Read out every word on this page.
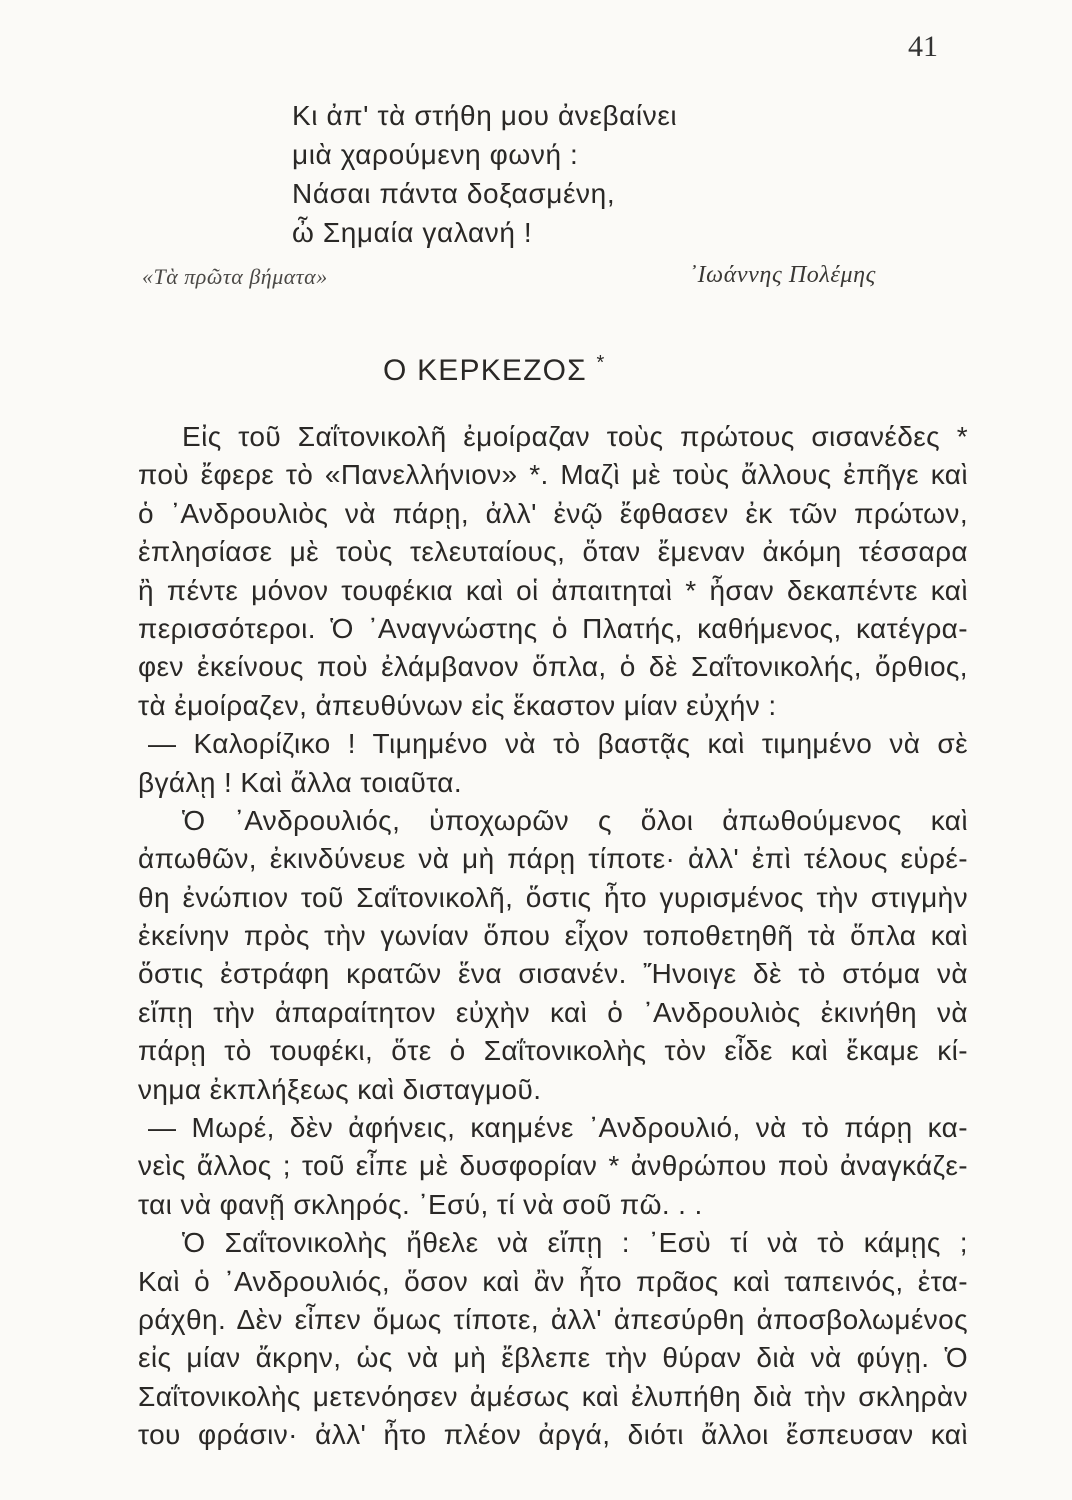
41
Κι ἀπ' τὰ στήθη μου ἀνεβαίνει
μιὰ χαρούμενη φωνή :
Νάσαι πάντα δοξασμένη,
ὦ Σημαία γαλανή !
«Τὰ πρῶτα βήματα»	᾿Ιωάννης Πολέμης
Ο ΚΕΡΚΕΖΟΣ *
Εἰς τοῦ Σαΐτονικολῆ ἐμοίραζαν τοὺς πρώτους σισανέδες *
ποὺ ἔφερε τὸ «Πανελλήνιον» *. Μαζὶ μὲ τοὺς ἄλλους ἐπῆγε καὶ
ὁ ᾿Ανδρουλιὸς νὰ πάρῃ, ἀλλ' ἐνῷ ἔφθασεν ἐκ τῶν πρώτων,
ἐπλησίασε μὲ τοὺς τελευταίους, ὅταν ἔμεναν ἀκόμη τέσσαρα
ἢ πέντε μόνον τουφέκια καὶ οἱ ἀπαιτηταὶ * ἦσαν δεκαπέντε καὶ
περισσότεροι. Ὁ ᾿Αναγνώστης ὁ Πλατής, καθήμενος, κατέγρα-
φεν ἐκείνους ποὺ ἐλάμβανον ὅπλα, ὁ δὲ Σαΐτονικολής, ὄρθιος,
τὰ ἐμοίραζεν, ἀπευθύνων εἰς ἕκαστον μίαν εὐχήν :
— Καλορίζικο ! Τιμημένο νὰ τὸ βαστᾷς καὶ τιμημένο νὰ σὲ
βγάλῃ ! Καὶ ἄλλα τοιαῦτα.
Ὁ ᾿Ανδρουλιός, ὑποχωρῶν ς ὅλοι ἀπωθούμενος καὶ
ἀπωθῶν, ἐκινδύνευε νὰ μὴ πάρῃ τίποτε· ἀλλ' ἐπὶ τέλους εὑρέ-
θη ἐνώπιον τοῦ Σαΐτονικολῆ, ὅστις ἦτο γυρισμένος τὴν στιγμὴν
ἐκείνην πρὸς τὴν γωνίαν ὅπου εἶχον τοποθετηθῆ τὰ ὅπλα καὶ
ὅστις ἐστράφη κρατῶν ἕνα σισανέν. Ἤνοιγε δὲ τὸ στόμα νὰ
εἴπῃ τὴν ἀπαραίτητον εὐχὴν καὶ ὁ ᾿Ανδρουλιὸς ἐκινήθη νὰ
πάρῃ τὸ τουφέκι, ὅτε ὁ Σαΐτονικολὴς τὸν εἶδε καὶ ἔκαμε κί-
νημα ἐκπλήξεως καὶ δισταγμοῦ.
— Μωρέ, δὲν ἀφήνεις, καημένε ᾿Ανδρουλιό, νὰ τὸ πάρῃ κα-
νεὶς ἄλλος ; τοῦ εἶπε μὲ δυσφορίαν * ἀνθρώπου ποὺ ἀναγκάζε-
ται νὰ φανῇ σκληρός. ᾿Εσύ, τί νὰ σοῦ πῶ. . .
Ὁ Σαΐτονικολὴς ἤθελε νὰ εἴπῃ : ᾿Εσὺ τί νὰ τὸ κάμῃς ;
Καὶ ὁ ᾿Ανδρουλιός, ὅσον καὶ ἂν ἦτο πρᾶος καὶ ταπεινός, ἐτα-
ράχθη. Δὲν εἶπεν ὅμως τίποτε, ἀλλ' ἀπεσύρθη ἀποσβολωμένος
εἰς μίαν ἄκρην, ὡς νὰ μὴ ἔβλεπε τὴν θύραν διὰ νὰ φύγῃ. Ὁ
Σαΐτονικολὴς μετενόησεν ἀμέσως καὶ ἐλυπήθη διὰ τὴν σκληρὰν
του φράσιν· ἀλλ' ἦτο πλέον ἀργά, διότι ἄλλοι ἔσπευσαν καὶ
